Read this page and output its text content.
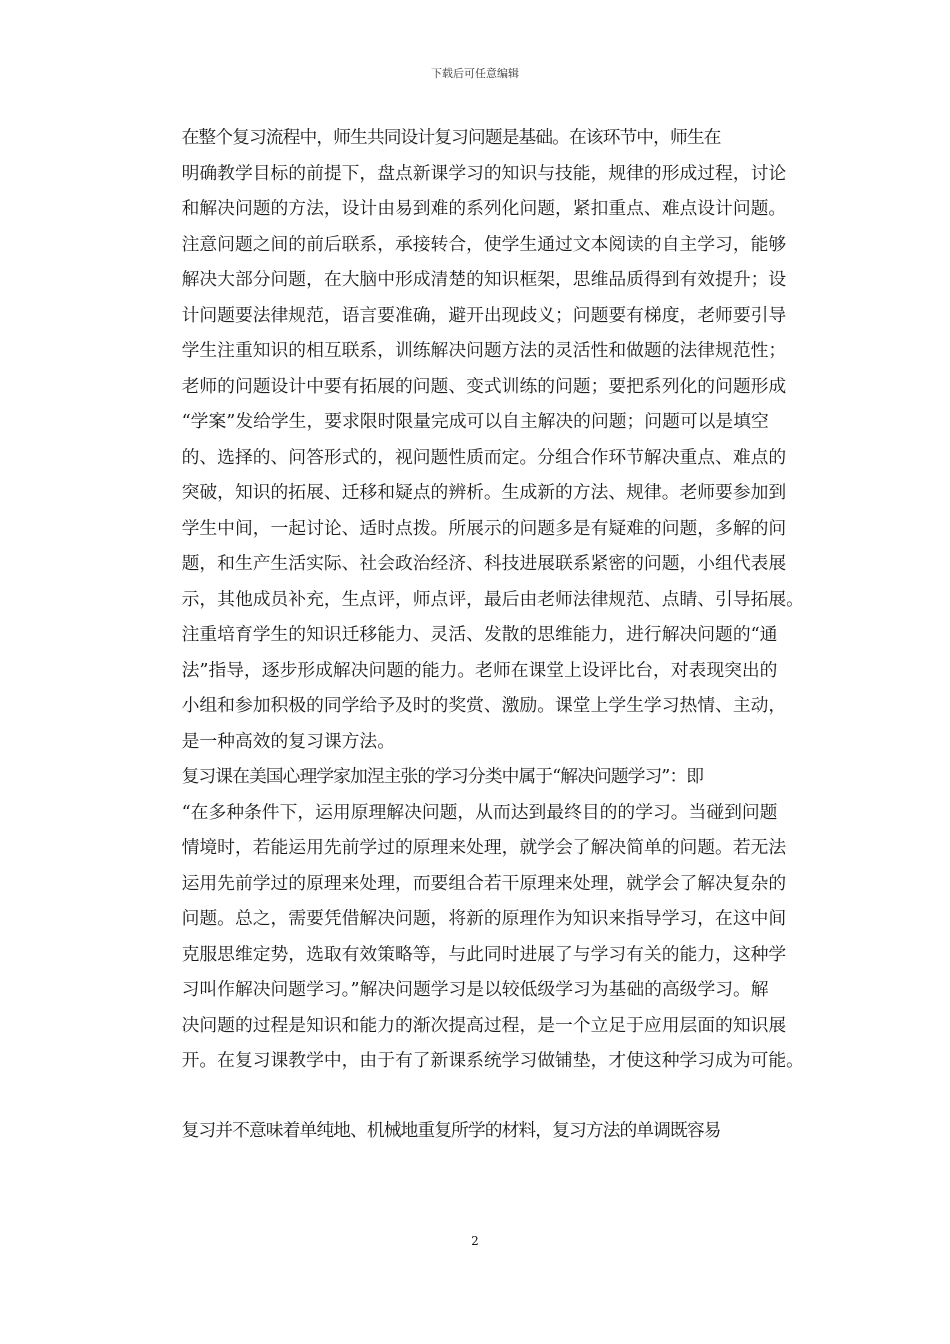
下载后可任意编辑

在整个复习流程中，师生共同设计复习问题是基础。在该环节中，师生在
明确教学目标的前提下，盘点新课学习的知识与技能，规律的形成过程，讨论
和解决问题的方法，设计由易到难的系列化问题，紧扣重点、难点设计问题。
注意问题之间的前后联系，承接转合，使学生通过文本阅读的自主学习，能够
解决大部分问题，在大脑中形成清楚的知识框架，思维品质得到有效提升；设
计问题要法律规范，语言要准确，避开出现歧义；问题要有梯度，老师要引导
学生注重知识的相互联系，训练解决问题方法的灵活性和做题的法律规范性；
老师的问题设计中要有拓展的问题、变式训练的问题；要把系列化的问题形成
“学案”发给学生，要求限时限量完成可以自主解决的问题；问题可以是填空
的、选择的、问答形式的，视问题性质而定。分组合作环节解决重点、难点的
突破，知识的拓展、迁移和疑点的辨析。生成新的方法、规律。老师要参加到
学生中间，一起讨论、适时点拨。所展示的问题多是有疑难的问题，多解的问
题，和生产生活实际、社会政治经济、科技进展联系紧密的问题，小组代表展
示，其他成员补充，生点评，师点评，最后由老师法律规范、点睛、引导拓展。
注重培育学生的知识迁移能力、灵活、发散的思维能力，进行解决问题的“通
法”指导，逐步形成解决问题的能力。老师在课堂上设评比台，对表现突出的
小组和参加积极的同学给予及时的奖赏、激励。课堂上学生学习热情、主动，
是一种高效的复习课方法。

复习课在美国心理学家加涅主张的学习分类中属于“解决问题学习”：即
“在多种条件下，运用原理解决问题，从而达到最终目的的学习。当碰到问题
情境时，若能运用先前学过的原理来处理，就学会了解决简单的问题。若无法
运用先前学过的原理来处理，而要组合若干原理来处理，就学会了解决复杂的
问题。总之，需要凭借解决问题，将新的原理作为知识来指导学习，在这中间
克服思维定势，选取有效策略等，与此同时进展了与学习有关的能力，这种学
习叫作解决问题学习。”解决问题学习是以较低级学习为基础的高级学习。解
决问题的过程是知识和能力的渐次提高过程，是一个立足于应用层面的知识展
开。在复习课教学中，由于有了新课系统学习做铺垫，才使这种学习成为可能。

复习并不意味着单纯地、机械地重复所学的材料，复习方法的单调既容易

2
